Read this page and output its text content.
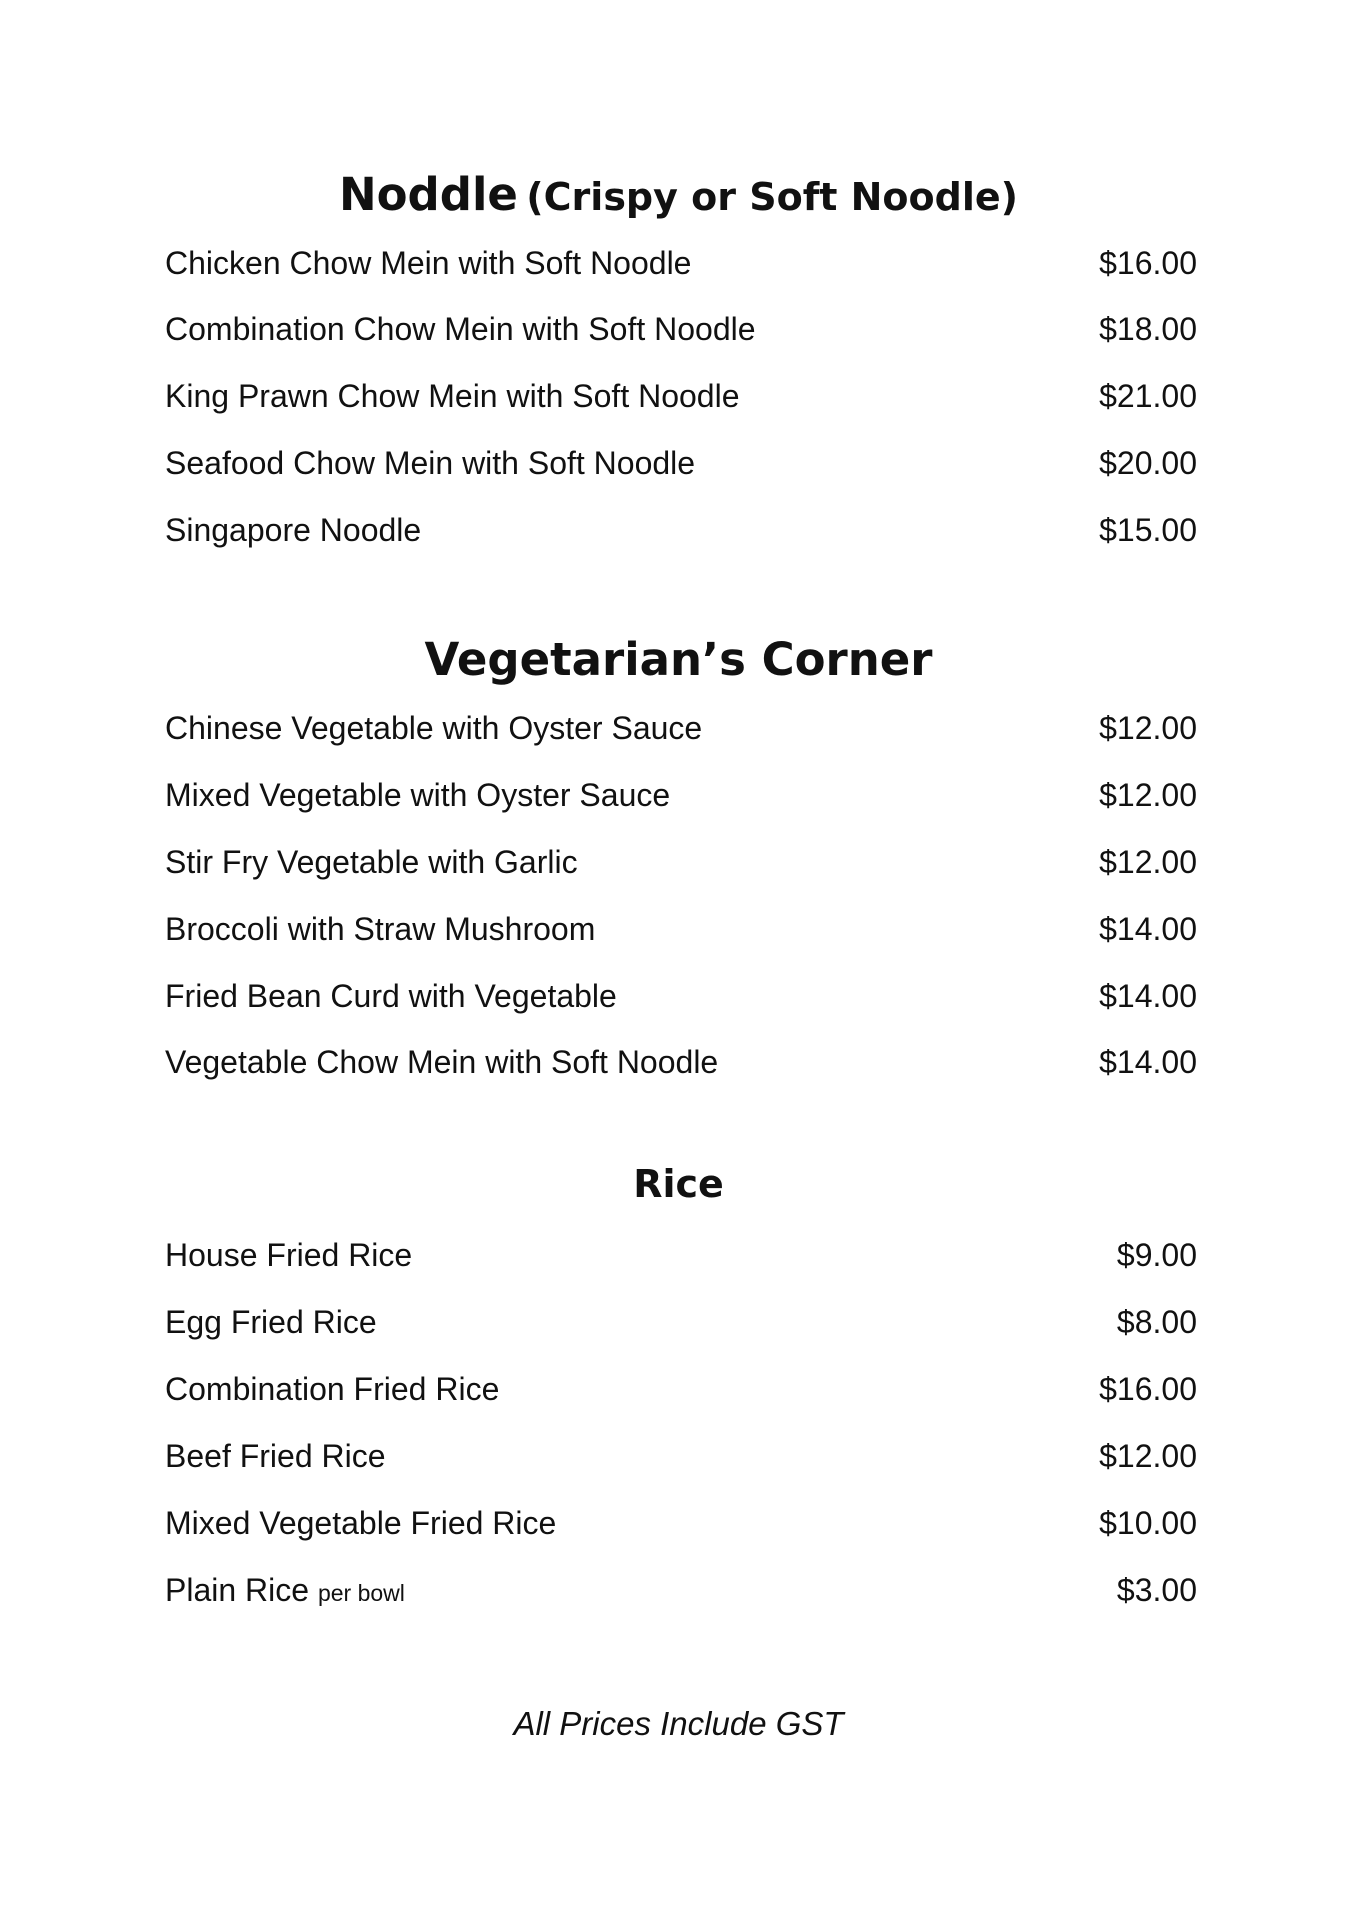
Noddle (Crispy or Soft Noodle)
Chicken Chow Mein with Soft Noodle	$16.00
Combination Chow Mein with Soft Noodle	$18.00
King Prawn Chow Mein with Soft Noodle	$21.00
Seafood Chow Mein with Soft Noodle	$20.00
Singapore Noodle	$15.00
Vegetarian’s Corner
Chinese Vegetable with Oyster Sauce	$12.00
Mixed Vegetable with Oyster Sauce	$12.00
Stir Fry Vegetable with Garlic	$12.00
Broccoli with Straw Mushroom	$14.00
Fried Bean Curd with Vegetable	$14.00
Vegetable Chow Mein with Soft Noodle	$14.00
Rice
House Fried Rice	$9.00
Egg Fried Rice	$8.00
Combination Fried Rice	$16.00
Beef Fried Rice	$12.00
Mixed Vegetable Fried Rice	$10.00
Plain Rice per bowl	$3.00
All Prices Include GST
